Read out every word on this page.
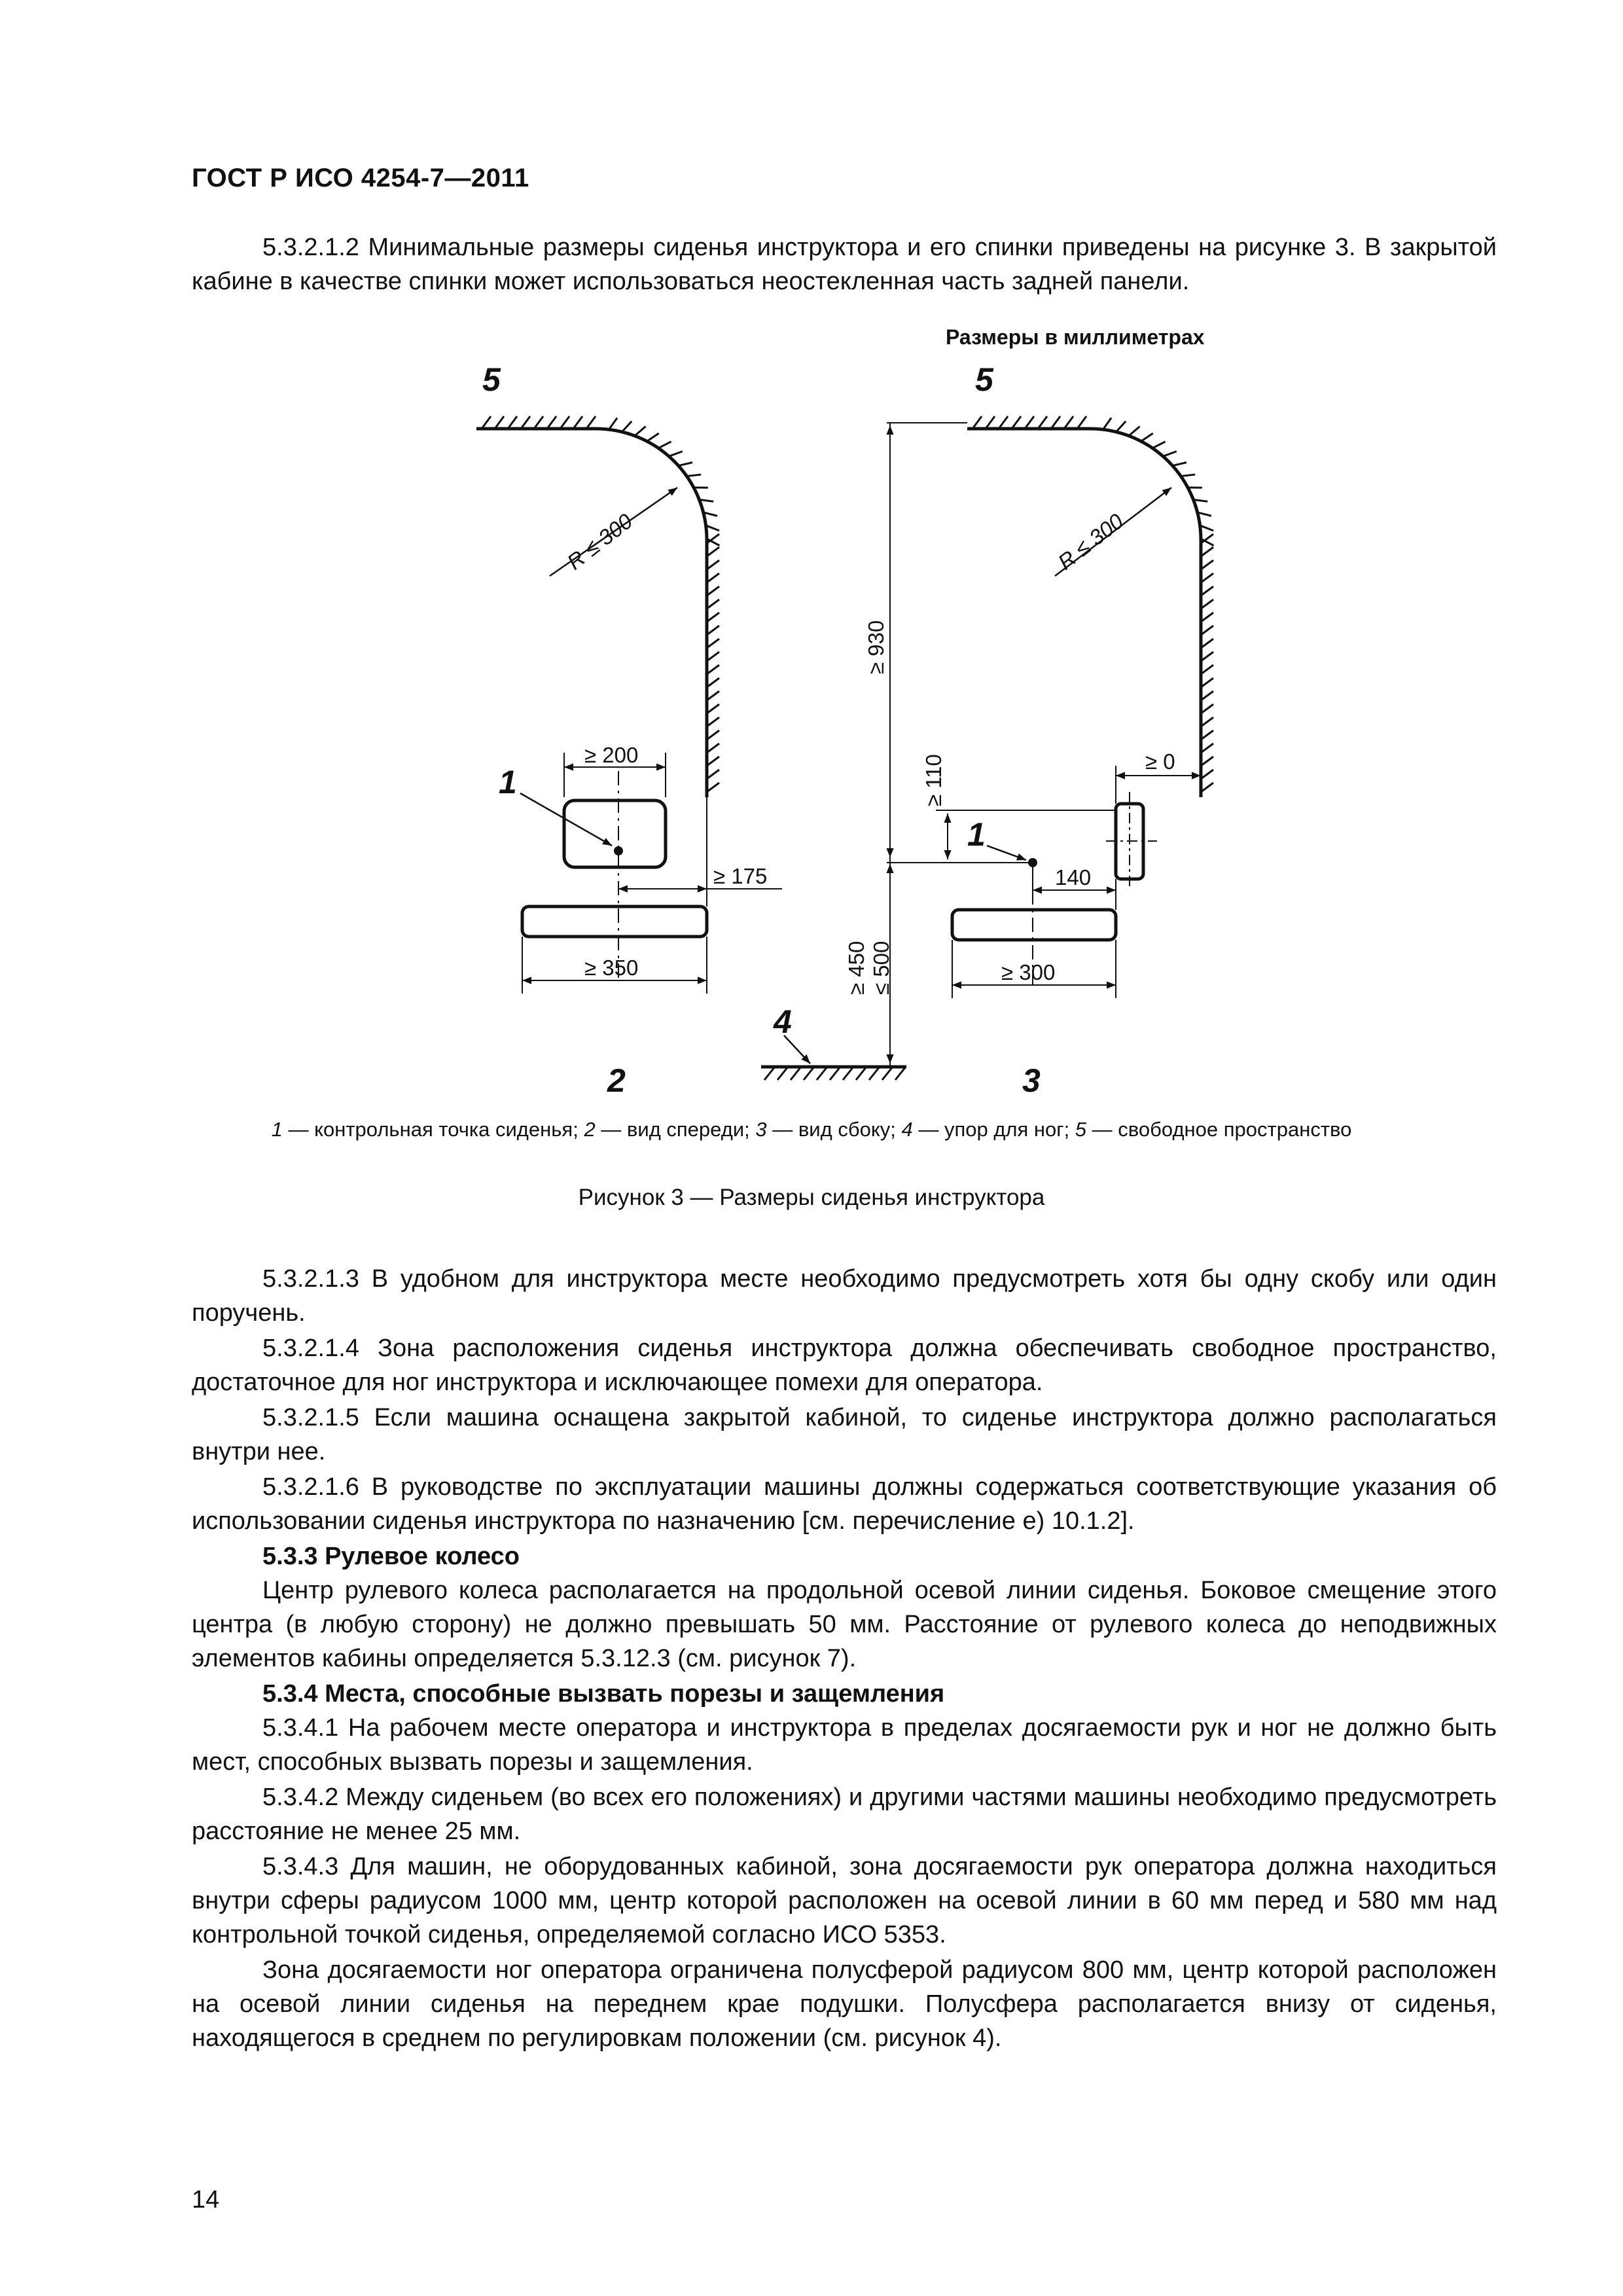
ГОСТ Р ИСО 4254-7—2011

5.3.2.1.2 Минимальные размеры сиденья инструктора и его спинки приведены на рисунке 3. В закрытой кабине в качестве спинки может использоваться неостекленная часть задней панели.

Размеры в миллиметрах
5	5
1
1
2	3
4
R ≤ 300	R ≤ 300
≥ 200
≥ 175
≥ 350
≥ 930
≥ 110	≥ 0
140
≥ 300
≥ 450 ≤ 500
1 — контрольная точка сиденья; 2 — вид спереди; 3 — вид сбоку; 4 — упор для ног; 5 — свободное пространство
Рисунок 3 — Размеры сиденья инструктора

5.3.2.1.3 В удобном для инструктора месте необходимо предусмотреть хотя бы одну скобу или один поручень.

5.3.2.1.4 Зона расположения сиденья инструктора должна обеспечивать свободное пространство, достаточное для ног инструктора и исключающее помехи для оператора.

5.3.2.1.5 Если машина оснащена закрытой кабиной, то сиденье инструктора должно располагаться внутри нее.

5.3.2.1.6 В руководстве по эксплуатации машины должны содержаться соответствующие указания об использовании сиденья инструктора по назначению [см. перечисление е) 10.1.2].

5.3.3 Рулевое колесо

Центр рулевого колеса располагается на продольной осевой линии сиденья. Боковое смещение этого центра (в любую сторону) не должно превышать 50 мм. Расстояние от рулевого колеса до неподвижных элементов кабины определяется 5.3.12.3 (см. рисунок 7).

5.3.4 Места, способные вызвать порезы и защемления

5.3.4.1 На рабочем месте оператора и инструктора в пределах досягаемости рук и ног не должно быть мест, способных вызвать порезы и защемления.

5.3.4.2 Между сиденьем (во всех его положениях) и другими частями машины необходимо предусмотреть расстояние не менее 25 мм.

5.3.4.3 Для машин, не оборудованных кабиной, зона досягаемости рук оператора должна находиться внутри сферы радиусом 1000 мм, центр которой расположен на осевой линии в 60 мм перед и 580 мм над контрольной точкой сиденья, определяемой согласно ИСО 5353.

Зона досягаемости ног оператора ограничена полусферой радиусом 800 мм, центр которой расположен на осевой линии сиденья на переднем крае подушки. Полусфера располагается внизу от сиденья, находящегося в среднем по регулировкам положении (см. рисунок 4).

14
